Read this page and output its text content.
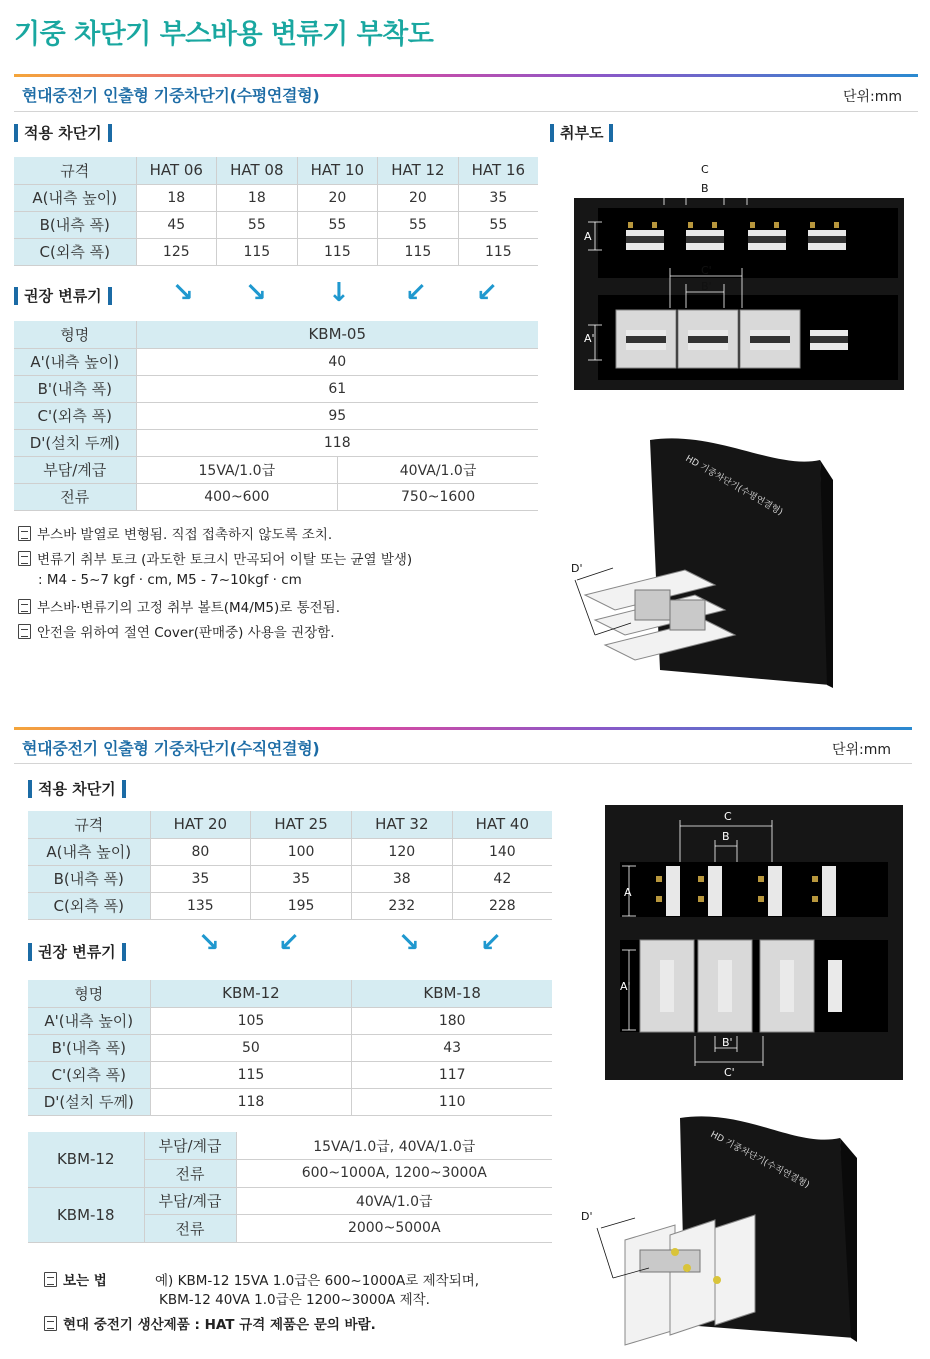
기중 차단기 부스바용 변류기 부착도
현대중전기 인출형 기중차단기(수평연결형)	단위:mm
적용 차단기	취부도
규격	HAT 06	HAT 08	HAT 10	HAT 12	HAT 16
A(내측 높이)	18	18	20	20	35
B(내측 폭)	45	55	55	55	55
C(외측 폭)	125	115	115	115	115
권장 변류기	↘ ↘ ↓ ↙ ↙
형명	KBM-05	
A'(내측 높이)	40	
B'(내측 폭)	61	
C'(외측 폭)	95	
D'(설치 두께)	118	
부담/계급	15VA/1.0급	40VA/1.0급
전류	400~600	750~1600
부스바 발열로 변형됨. 직접 접촉하지 않도록 조치.
변류기 취부 토크 (과도한 토크시 만곡되어 이탈 또는 균열 발생)
: M4 - 5~7 kgf · cm, M5 - 7~10kgf · cm
부스바·변류기의 고정 취부 볼트(M4/M5)로 통전됨.
안전을 위하여 절연 Cover(판매중) 사용을 권장함.
C
B
A
C'
B'
A'
HD 기중차단기(수평연결형)
D'
현대중전기 인출형 기중차단기(수직연결형)	단위:mm
적용 차단기
규격	HAT 20	HAT 25	HAT 32	HAT 40
A(내측 높이)	80	100	120	140
B(내측 폭)	35	35	38	42
C(외측 폭)	135	195	232	228
권장 변류기	↘ ↙	↘ ↙
형명	KBM-12	KBM-18
A'(내측 높이)	105	180
B'(내측 폭)	50	43
C'(외측 폭)	115	117
D'(설치 두께)	118	110
KBM-12	부담/계급	15VA/1.0급, 40VA/1.0급
	전류	600~1000A, 1200~3000A
KBM-18	부담/계급	40VA/1.0급
	전류	2000~5000A
보는 법	예) KBM-12 15VA 1.0급은 600~1000A로 제작되며,
KBM-12 40VA 1.0급은 1200~3000A 제작.
현대 중전기 생산제품 : HAT 규격 제품은 문의 바람.
C
B
A
A'
B'
C'
HD 기중차단기(수직연결형)
D'
